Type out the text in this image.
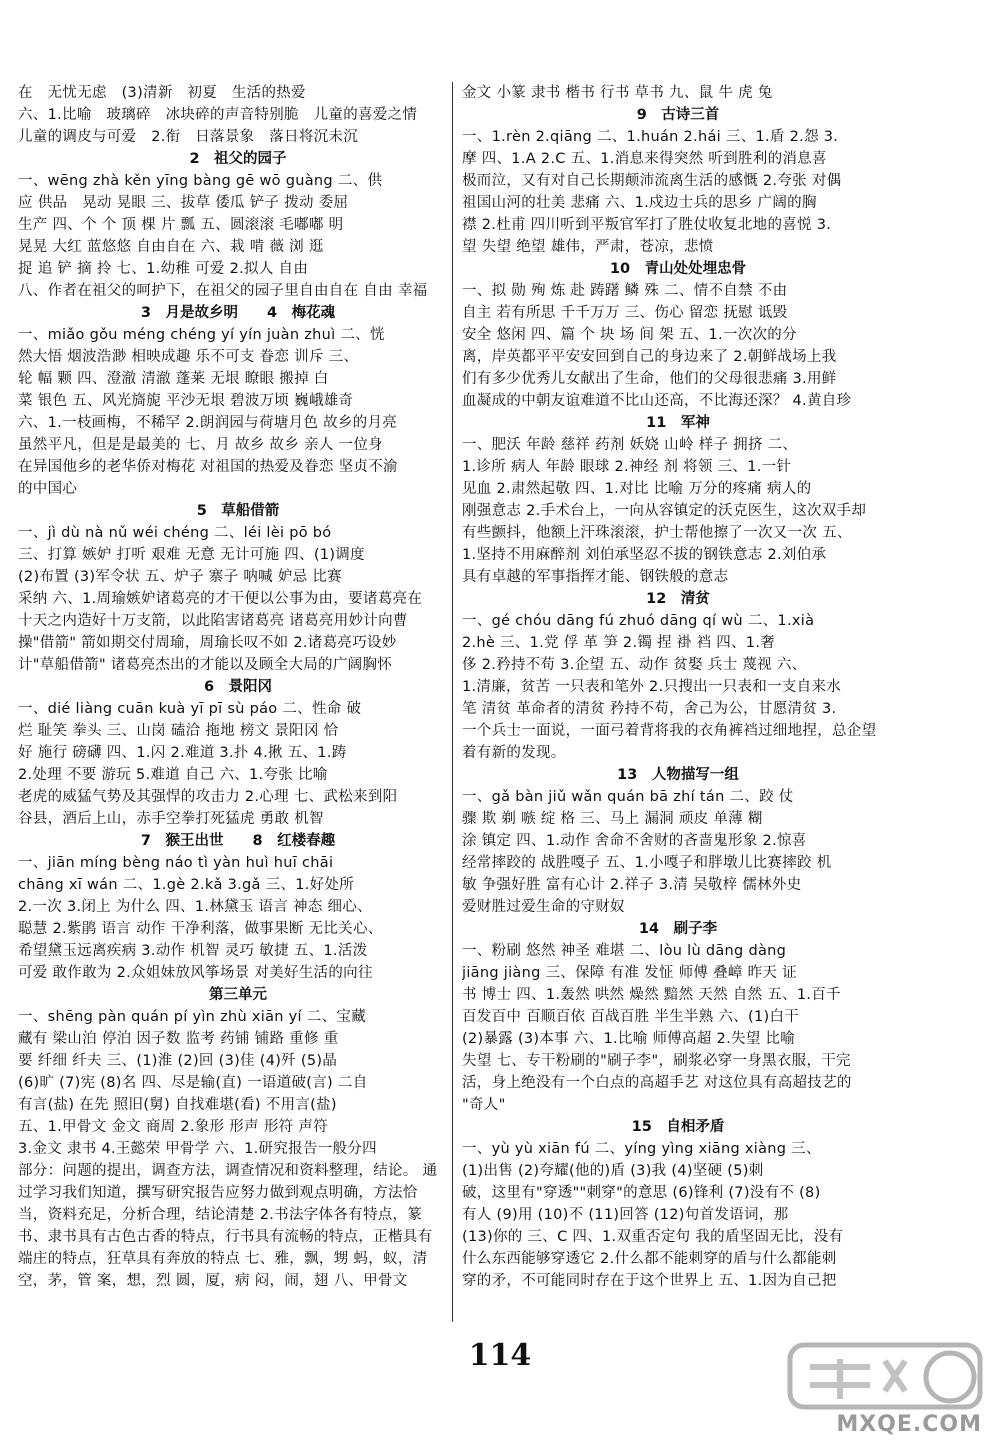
在　无忧无虑　(3)清新　初夏　生活的热爱
六、1.比喻　玻璃碎　冰块碎的声音特别脆　儿童的喜爱之情
儿童的调皮与可爱　2.衔　日落景象　落日将沉未沉
2　祖父的园子
一、wēng zhà kěn yīng bàng gē wō guàng 二、供
应 供品　晃动 晃眼 三、拔草 倭瓜 铲子 拨动 委屈
生产 四、个 个 顶 棵 片 瓢 五、圆滚滚 毛嘟嘟 明
晃晃 大红 蓝悠悠 自由自在 六、栽 啃 薇 浏 逛
捉 追 铲 摘 拎 七、1.幼稚 可爱 2.拟人 自由
八、作者在祖父的呵护下，在祖父的园子里自由自在 自由 幸福
3　月是故乡明　　4　梅花魂
一、miǎo gǒu méng chéng yí yín juàn zhuì 二、恍
然大悟 烟波浩渺 相映成趣 乐不可支 眷恋 训斥 三、
轮 幅 颗 四、澄澈 清澈 蓬莱 无垠 瞭眼 搬掉 白
菜 银色 五、风光旖旎 平沙无垠 碧波万顷 巍峨雄奇
六、1.一枝画梅，不稀罕 2.朗润园与荷塘月色 故乡的月亮
虽然平凡，但是是最美的 七、月 故乡 故乡 亲人 一位身
在异国他乡的老华侨对梅花 对祖国的热爱及眷恋 坚贞不渝
的中国心
5　草船借箭
一、jì dù nà nǔ wéi chéng 二、léi lèi pō bó
三、打算 嫉妒 打听 艰难 无意 无计可施 四、(1)调度
(2)布置 (3)军令状 五、炉子 寨子 呐喊 妒忌 比赛
采纳 六、1.周瑜嫉妒诸葛亮的才干便以公事为由，要诸葛亮在
十天之内造好十万支箭，以此陷害诸葛亮 诸葛亮用妙计向曹
操"借箭" 箭如期交付周瑜，周瑜长叹不如 2.诸葛亮巧设妙
计"草船借箭" 诸葛亮杰出的才能以及顾全大局的广阔胸怀
6　景阳冈
一、dié liàng cuān kuà yī pī sù páo 二、性命 破
烂 耻笑 拳头 三、山岗 磕洽 拖地 榜文 景阳冈 恰
好 施行 磅礴 四、1.闪 2.难道 3.扑 4.揪 五、1.踌
2.处理 不要 游玩 5.难道 自己 六、1.夸张 比喻
老虎的威猛气势及其强悍的攻击力 2.心理 七、武松来到阳
谷县，酒后上山，赤手空拳打死猛虎 勇敢 机智
7　猴王出世　　8　红楼春趣
一、jiān míng bèng náo tì yàn huì huī chāi
chāng xī wán 二、1.gè 2.kǎ 3.gǎ 三、1.好处所
2.一次 3.闭上 为什么 四、1.林黛玉 语言 神态 细心、
聪慧 2.紫鹃 语言 动作 干净利落，做事果断 无比关心、
希望黛玉远离疾病 3.动作 机智 灵巧 敏捷 五、1.活泼
可爱 敢作敢为 2.众姐妹放风筝场景 对美好生活的向往
第三单元
一、shēng pàn quán pí yìn zhù xiān yí 二、宝藏
藏有 梁山泊 停泊 因子数 监考 药铺 铺路 重修 重
要 纤细 纤夫 三、(1)淮 (2)回 (3)佳 (4)歼 (5)晶
(6)旷 (7)宪 (8)名 四、尽是输(直) 一语道破(言) 二自
有言(盐) 在先 照旧(舅) 自找难堪(看) 不用言(盐)
五、1.甲骨文 金文 商周 2.象形 形声 形符 声符
3.金文 隶书 4.王懿荣 甲骨学 六、1.研究报告一般分四
部分：问题的提出，调查方法，调查情况和资料整理，结论。 通
过学习我们知道，撰写研究报告应努力做到观点明确，方法恰
当，资料充足，分析合理，结论清楚 2.书法字体各有特点，篆
书、隶书具有古色古香的特点，行书具有流畅的特点，正楷具有
端庄的特点，狂草具有奔放的特点 七、雅，飘，甥 蚂，蚁，清
空，茅，管 案，想，烈 圆，厦，病 闷，闹，翅 八、甲骨文
金文 小篆 隶书 楷书 行书 草书 九、鼠 牛 虎 兔
9　古诗三首
一、1.rèn 2.qiāng 二、1.huán 2.hái 三、1.盾 2.怨 3.
摩 四、1.A 2.C 五、1.消息来得突然 听到胜利的消息喜
极而泣，又有对自己长期颠沛流离生活的感慨 2.夸张 对偶
祖国山河的壮美 悲痛 六、1.戍边士兵的思乡 广阔的胸
襟 2.杜甫 四川听到平叛官军打了胜仗收复北地的喜悦 3.
望 失望 绝望 雄伟，严肃，苍凉，悲愤
10　青山处处埋忠骨
一、拟 勋 殉 炼 赴 踌躇 鳞 殊 二、情不自禁 不由
自主 若有所思 千千万万 三、伤心 留恋 抚慰 诋毁
安全 悠闲 四、篇 个 块 场 间 架 五、1.一次次的分
离，岸英都平平安安回到自己的身边来了 2.朝鲜战场上我
们有多少优秀儿女献出了生命，他们的父母很悲痛 3.用鲜
血凝成的中朝友谊难道不比山还高，不比海还深？ 4.黄自珍
11　军神
一、肥沃 年龄 慈祥 药剂 妖娆 山岭 样子 拥挤 二、
1.诊所 病人 年龄 眼球 2.神经 剂 将领 三、1.一针
见血 2.肃然起敬 四、1.对比 比喻 万分的疼痛 病人的
刚强意志 2.手术台上，一向从容镇定的沃克医生，这次双手却
有些颤抖，他额上汗珠滚滚，护士帮他擦了一次又一次 五、
1.坚持不用麻醉剂 刘伯承坚忍不拔的钢铁意志 2.刘伯承
具有卓越的军事指挥才能、钢铁般的意志
12　清贫
一、gé chóu dāng fú zhuó dāng qí wù 二、1.xià
2.hè 三、1.党 俘 革 笋 2.镯 捏 褂 裆 四、1.奢
侈 2.矜持不苟 3.企望 五、动作 贫娶 兵士 蔑视 六、
1.清廉，贫苦 一只表和笔外 2.只搜出一只表和一支自来水
笔 清贫 革命者的清贫 矜持不苟，舍己为公，甘愿清贫 3.
一个兵士一面说，一面弓着背将我的衣角裤裆过细地捏，总企望
着有新的发现。
13　人物描写一组
一、gǎ bàn jiǔ wǎn quán bā zhí tán 二、跤 仗
骤 欺 剃 嗾 绽 格 三、马上 漏洞 顽皮 单薄 糊
涂 镇定 四、1.动作 舍命不舍财的吝啬鬼形象 2.惊喜
经常摔跤的 战胜嘎子 五、1.小嘎子和胖墩儿比赛摔跤 机
敏 争强好胜 富有心计 2.祥子 3.清 吴敬梓 儒林外史
爱财胜过爱生命的守财奴
14　刷子李
一、粉刷 悠然 神圣 难堪 二、lòu lù dāng dàng
jiāng jiàng 三、保障 有准 发怔 师傅 叠嶂 昨天 证
书 博士 四、1.轰然 哄然 燥然 黯然 天然 自然 五、1.百千
百发百中 百顺百依 百战百胜 半生半熟 六、(1)白干
(2)暴露 (3)本事 六、1.比喻 师傅高超 2.失望 比喻
失望 七、专干粉刷的"刷子李"，刷浆必穿一身黑衣服，干完
活，身上绝没有一个白点的高超手艺 对这位具有高超技艺的
"奇人"
15　自相矛盾
一、yù yù xiān fú 二、yíng yìng xiāng xiàng 三、
(1)出售 (2)夸耀(他的)盾 (3)我 (4)坚硬 (5)刺
破，这里有"穿透""刺穿"的意思 (6)锋利 (7)没有不 (8)
有人 (9)用 (10)不 (11)回答 (12)句首发语词，那
(13)你的 三、C 四、1.双重否定句 我的盾坚固无比，没有
什么东西能够穿透它 2.什么都不能刺穿的盾与什么都能刺
穿的矛，不可能同时存在于这个世界上 五、1.因为自己把
114
MXQE.COM
